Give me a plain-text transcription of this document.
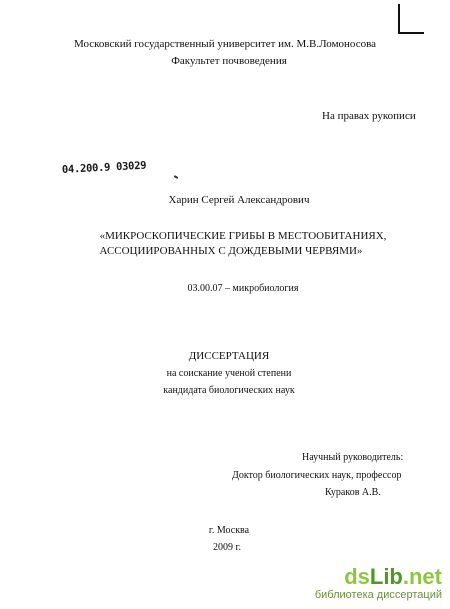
Московский государственный университет им. М.В.Ломоносова
Факультет почвоведения
На правах рукописи
04.200.9 03029
Харин Сергей Александрович
«МИКРОСКОПИЧЕСКИЕ ГРИБЫ В МЕСТООБИТАНИЯХ,
АССОЦИИРОВАННЫХ С ДОЖДЕВЫМИ ЧЕРВЯМИ»
03.00.07 – микробиология
ДИССЕРТАЦИЯ
на соискание ученой степени
кандидата биологических наук
Научный руководитель:
Доктор биологических наук, профессор
Кураков А.В.
г. Москва
2009 г.
dsLib.net
библиотека диссертаций
